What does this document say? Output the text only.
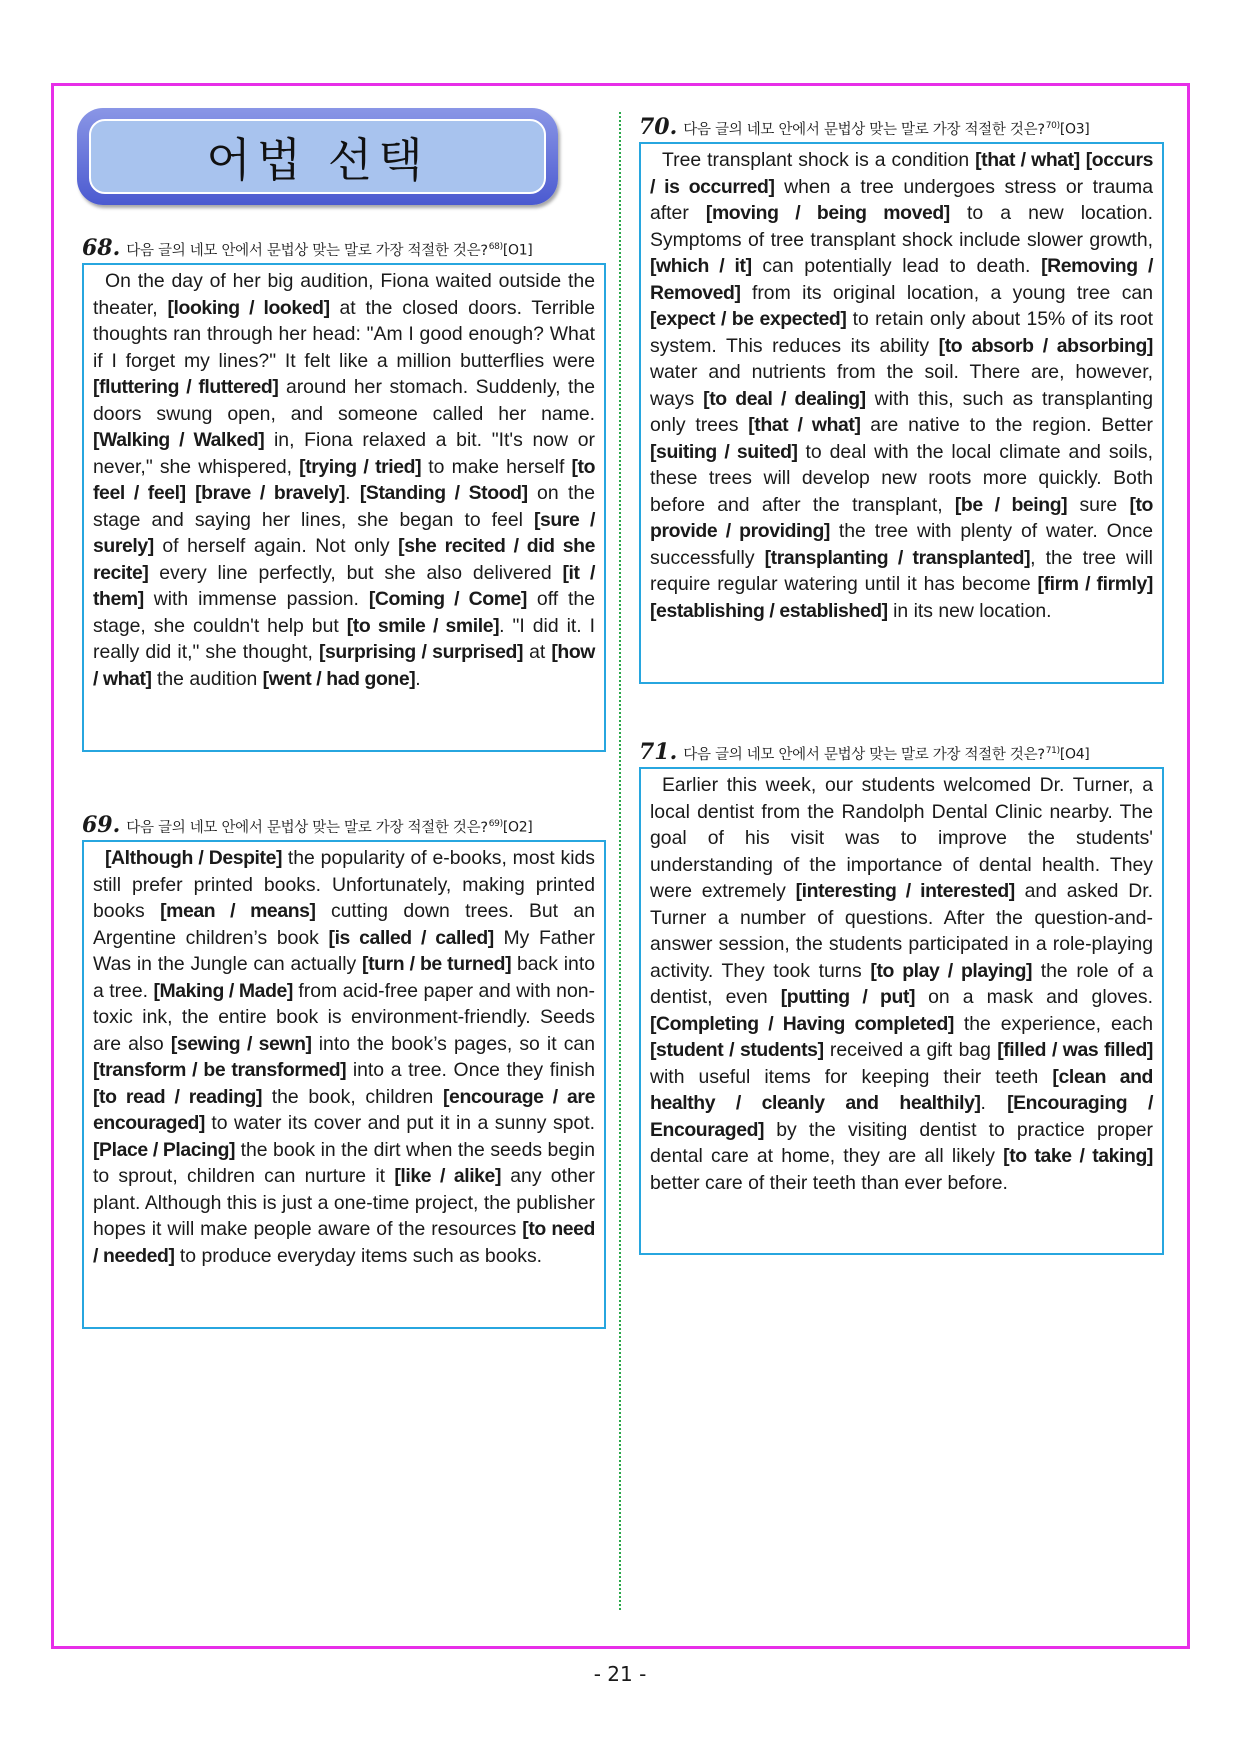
어법 선택
68. 다음 글의 네모 안에서 문법상 맞는 말로 가장 적절한 것은? $^{68)}$[O1]

On the day of her big audition, Fiona waited outside the theater, [looking / looked] at the closed doors. Terrible thoughts ran through her head: "Am I good enough? What if I forget my lines?" It felt like a million butterflies were [fluttering / fluttered] around her stomach. Suddenly, the doors swung open, and someone called her name. [Walking / Walked] in, Fiona relaxed a bit. "It's now or never," she whispered, [trying / tried] to make herself [to feel / feel] [brave / bravely]. [Standing / Stood] on the stage and saying her lines, she began to feel [sure / surely] of herself again. Not only [she recited / did she recite] every line perfectly, but she also delivered [it / them] with immense passion. [Coming / Come] off the stage, she couldn't help but [to smile / smile]. "I did it. I really did it," she thought, [surprising / surprised] at [how / what] the audition [went / had gone].

69. 다음 글의 네모 안에서 문법상 맞는 말로 가장 적절한 것은? $^{69)}$[O2]

[Although / Despite] the popularity of e-books, most kids still prefer printed books. Unfortunately, making printed books [mean / means] cutting down trees. But an Argentine children’s book [is called / called] My Father Was in the Jungle can actually [turn / be turned] back into a tree. [Making / Made] from acid-free paper and with non-toxic ink, the entire book is environment-friendly. Seeds are also [sewing / sewn] into the book’s pages, so it can [transform / be transformed] into a tree. Once they finish [to read / reading] the book, children [encourage / are encouraged] to water its cover and put it in a sunny spot. [Place / Placing] the book in the dirt when the seeds begin to sprout, children can nurture it [like / alike] any other plant. Although this is just a one-time project, the publisher hopes it will make people aware of the resources [to need / needed] to produce everyday items such as books.

70. 다음 글의 네모 안에서 문법상 맞는 말로 가장 적절한 것은? $^{70)}$[O3]

Tree transplant shock is a condition [that / what] [occurs / is occurred] when a tree undergoes stress or trauma after [moving / being moved] to a new location. Symptoms of tree transplant shock include slower growth, [which / it] can potentially lead to death. [Removing / Removed] from its original location, a young tree can [expect / be expected] to retain only about 15% of its root system. This reduces its ability [to absorb / absorbing] water and nutrients from the soil. There are, however, ways [to deal / dealing] with this, such as transplanting only trees [that / what] are native to the region. Better [suiting / suited] to deal with the local climate and soils, these trees will develop new roots more quickly. Both before and after the transplant, [be / being] sure [to provide / providing] the tree with plenty of water. Once successfully [transplanting / transplanted], the tree will require regular watering until it has become [firm / firmly] [establishing / established] in its new location.

71. 다음 글의 네모 안에서 문법상 맞는 말로 가장 적절한 것은? $^{71)}$[O4]

Earlier this week, our students welcomed Dr. Turner, a local dentist from the Randolph Dental Clinic nearby. The goal of his visit was to improve the students' understanding of the importance of dental health. They were extremely [interesting / interested] and asked Dr. Turner a number of questions. After the question-and-answer session, the students participated in a role-playing activity. They took turns [to play / playing] the role of a dentist, even [putting / put] on a mask and gloves. [Completing / Having completed] the experience, each [student / students] received a gift bag [filled / was filled] with useful items for keeping their teeth [clean and healthy / cleanly and healthily]. [Encouraging / Encouraged] by the visiting dentist to practice proper dental care at home, they are all likely [to take / taking] better care of their teeth than ever before.

- 21 -
